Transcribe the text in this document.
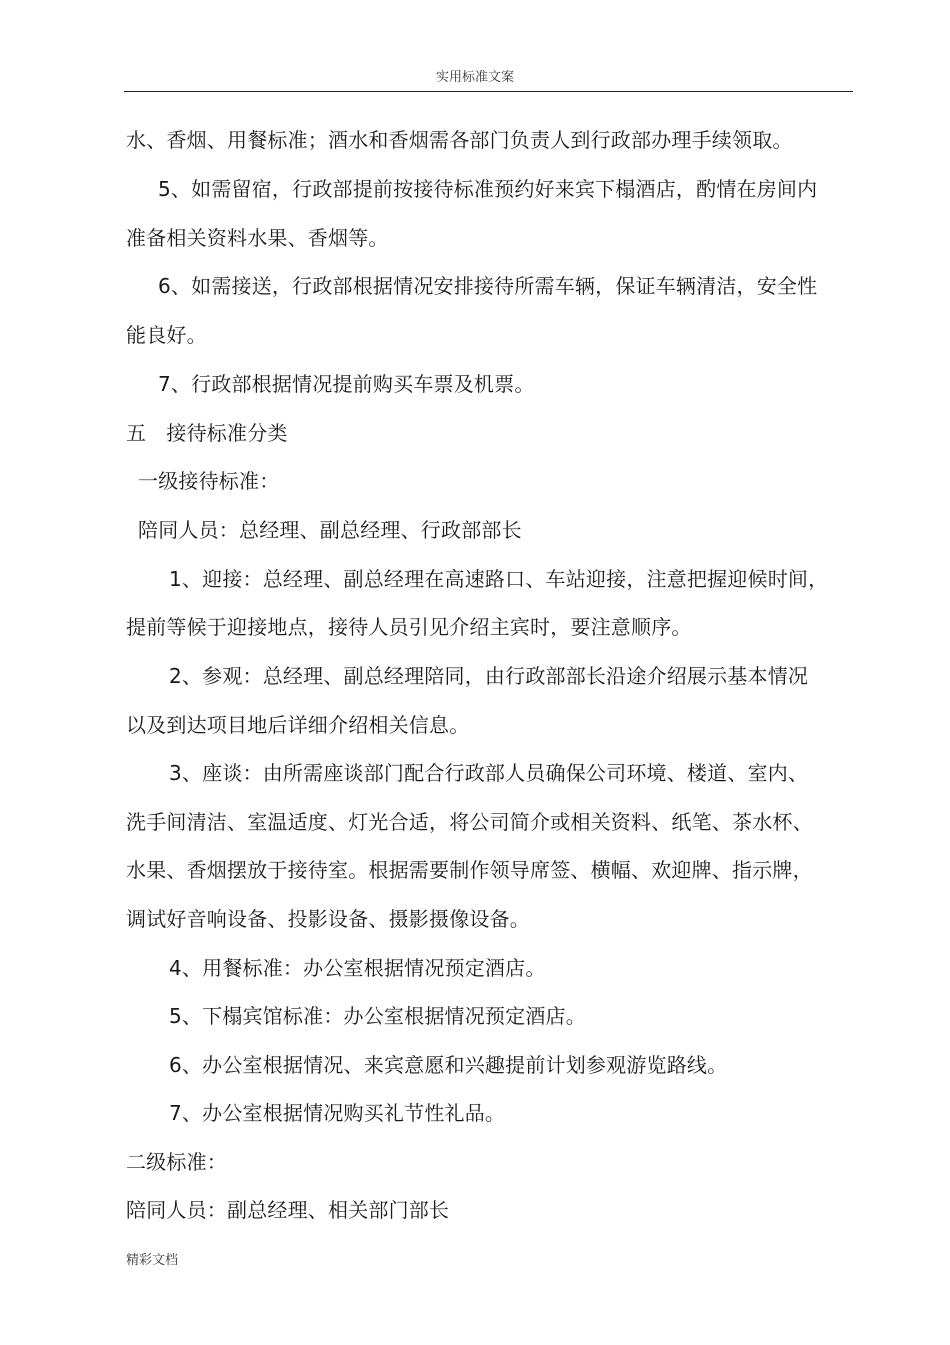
实用标准文案
水、香烟、用餐标准；酒水和香烟需各部门负责人到行政部办理手续领取。
5、如需留宿，行政部提前按接待标准预约好来宾下榻酒店，酌情在房间内
准备相关资料水果、香烟等。
6、如需接送，行政部根据情况安排接待所需车辆，保证车辆清洁，安全性
能良好。
7、行政部根据情况提前购买车票及机票。
五　接待标准分类
一级接待标准：
陪同人员：总经理、副总经理、行政部部长
1、迎接：总经理、副总经理在高速路口、车站迎接，注意把握迎候时间，
提前等候于迎接地点，接待人员引见介绍主宾时，要注意顺序。
2、参观：总经理、副总经理陪同，由行政部部长沿途介绍展示基本情况
以及到达项目地后详细介绍相关信息。
3、座谈：由所需座谈部门配合行政部人员确保公司环境、楼道、室内、
洗手间清洁、室温适度、灯光合适，将公司简介或相关资料、纸笔、茶水杯、
水果、香烟摆放于接待室。根据需要制作领导席签、横幅、欢迎牌、指示牌，
调试好音响设备、投影设备、摄影摄像设备。
4、用餐标准：办公室根据情况预定酒店。
5、下榻宾馆标准：办公室根据情况预定酒店。
6、办公室根据情况、来宾意愿和兴趣提前计划参观游览路线。
7、办公室根据情况购买礼节性礼品。
二级标准：
陪同人员：副总经理、相关部门部长
精彩文档
